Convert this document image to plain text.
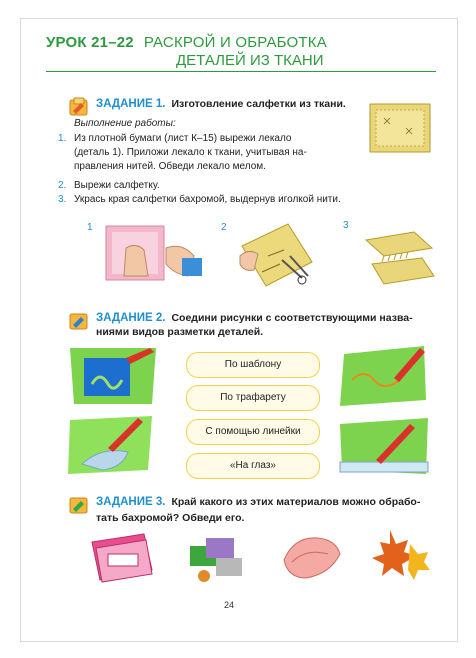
УРОК 21–22 РАСКРОЙ И ОБРАБОТКА
ДЕТАЛЕЙ ИЗ ТКАНИ
ЗАДАНИЕ 1. Изготовление салфетки из ткани.
Выполнение работы:
1. Из плотной бумаги (лист К–15) вырежи лекало
(деталь 1). Приложи лекало к ткани, учитывая на-
правления нитей. Обведи лекало мелом.
2. Вырежи салфетку.
3. Укрась края салфетки бахромой, выдернув иголкой нити.
1	2	3
ЗАДАНИЕ 2. Соедини рисунки с соответствующими назва-
ниями видов разметки деталей.
По шаблону
По трафарету
С помощью линейки
«На глаз»
ЗАДАНИЕ 3. Край какого из этих материалов можно обрабо-
тать бахромой? Обведи его.
24
